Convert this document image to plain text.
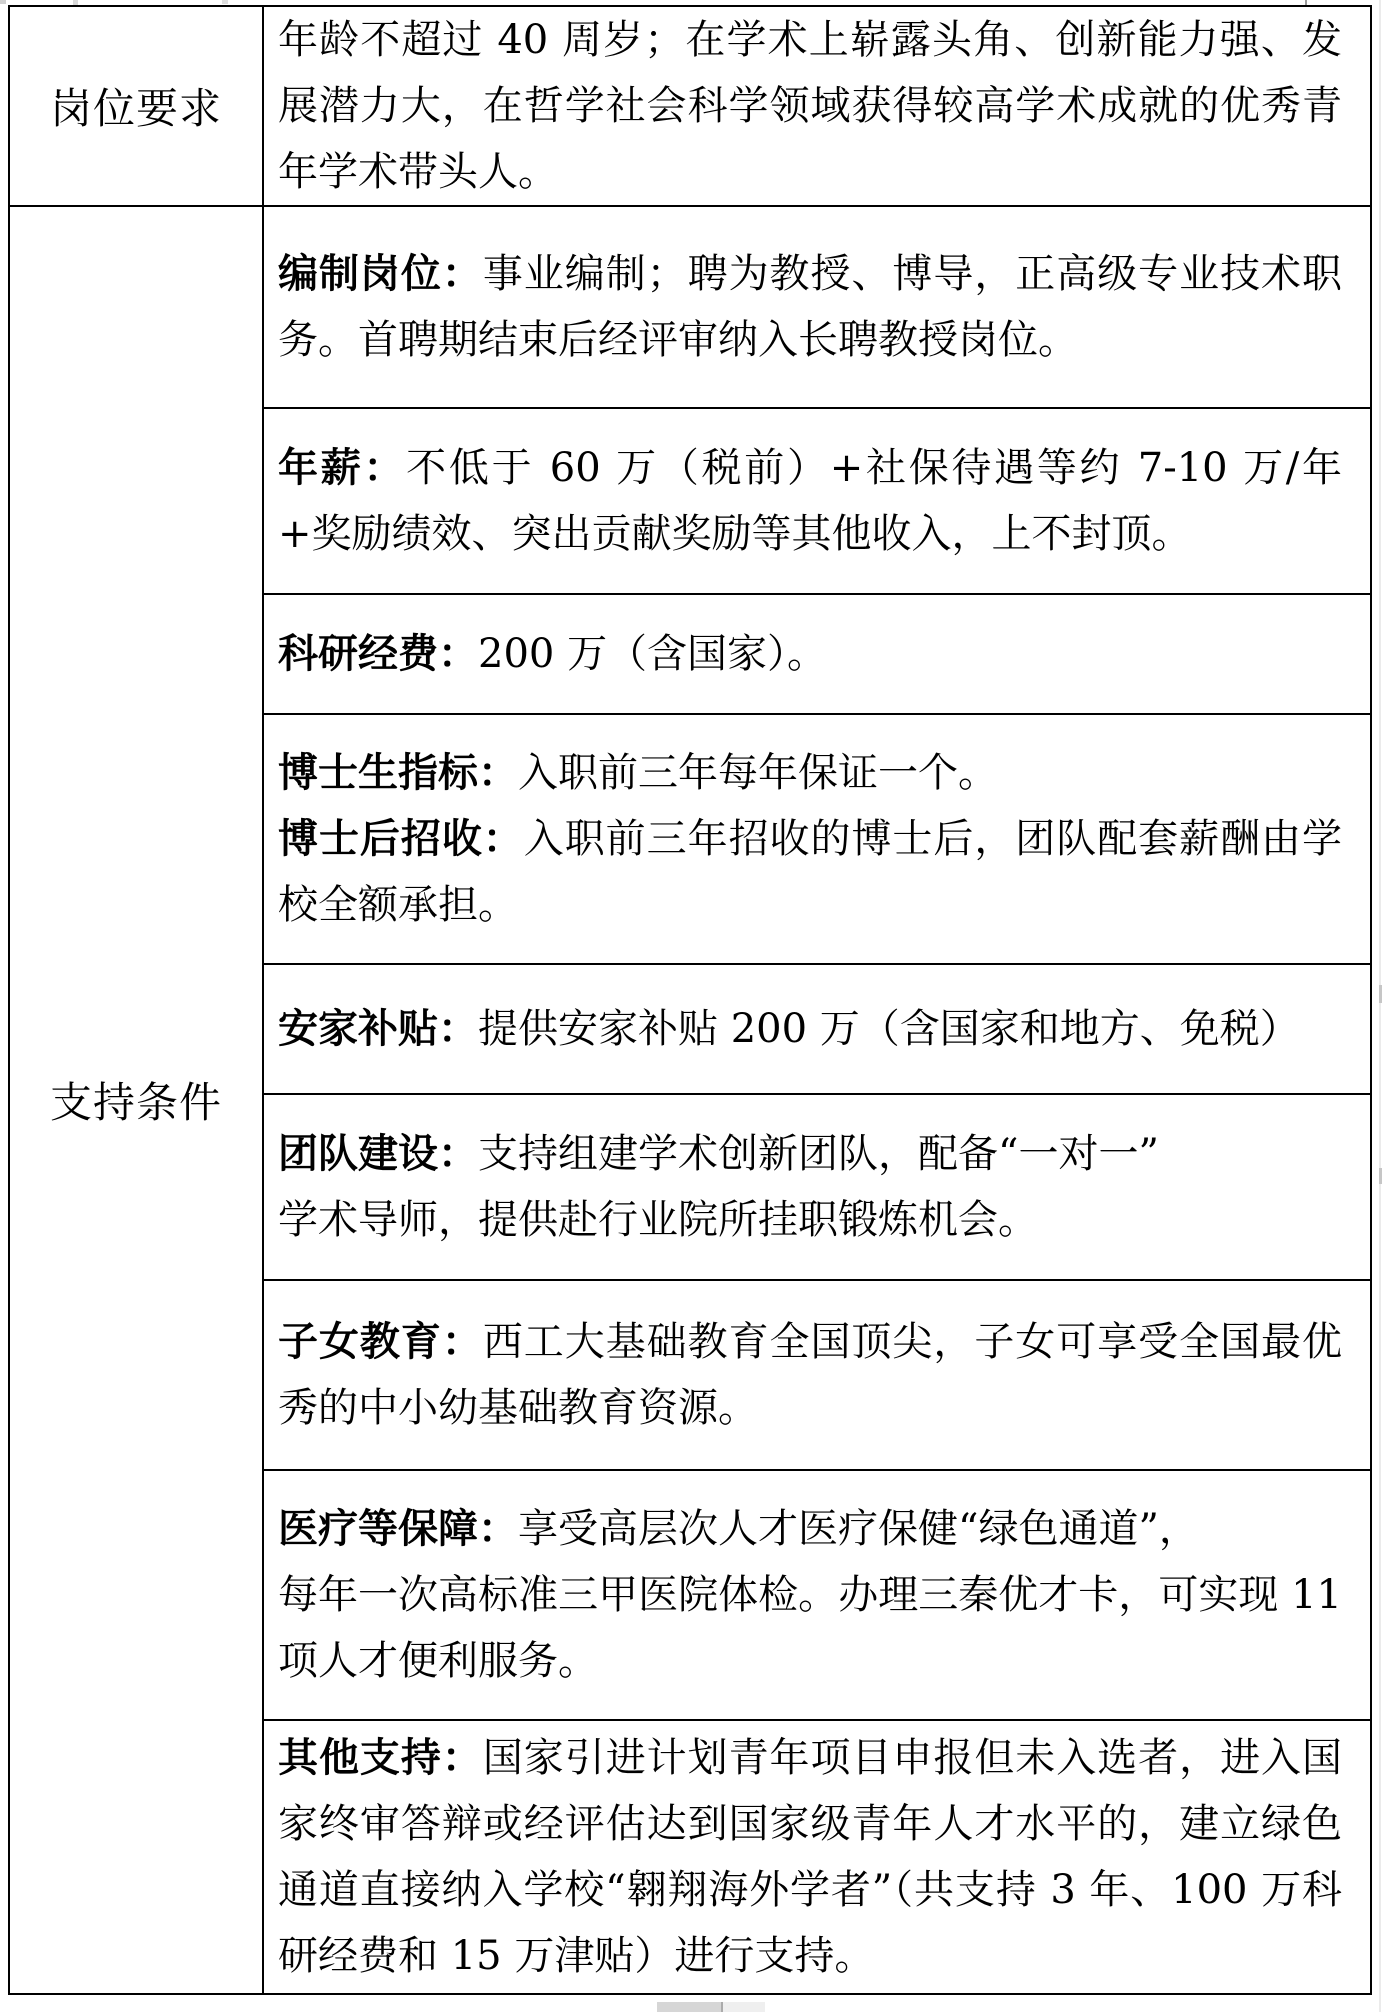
岗位要求

年龄不超过 40 周岁；在学术上崭露头角、创新能力强、发展潜力大，在哲学社会科学领域获得较高学术成就的优秀青年学术带头人。

支持条件

编制岗位：事业编制；聘为教授、博导，正高级专业技术职务。首聘期结束后经评审纳入长聘教授岗位。

年薪：不低于 60 万（税前）+社保待遇等约 7-10 万/年+奖励绩效、突出贡献奖励等其他收入，上不封顶。

科研经费：200 万（含国家）。

博士生指标：入职前三年每年保证一个。

博士后招收：入职前三年招收的博士后，团队配套薪酬由学校全额承担。

安家补贴：提供安家补贴 200 万（含国家和地方、免税）

团队建设：支持组建学术创新团队，配备“一对一”

学术导师，提供赴行业院所挂职锻炼机会。

子女教育：西工大基础教育全国顶尖，子女可享受全国最优秀的中小幼基础教育资源。

医疗等保障：享受高层次人才医疗保健“绿色通道”，

每年一次高标准三甲医院体检。办理三秦优才卡，可实现 11 项人才便利服务。

其他支持：国家引进计划青年项目申报但未入选者，进入国家终审答辩或经评估达到国家级青年人才水平的，建立绿色通道直接纳入学校“翱翔海外学者”（共支持 3 年、100 万科研经费和 15 万津贴）进行支持。
